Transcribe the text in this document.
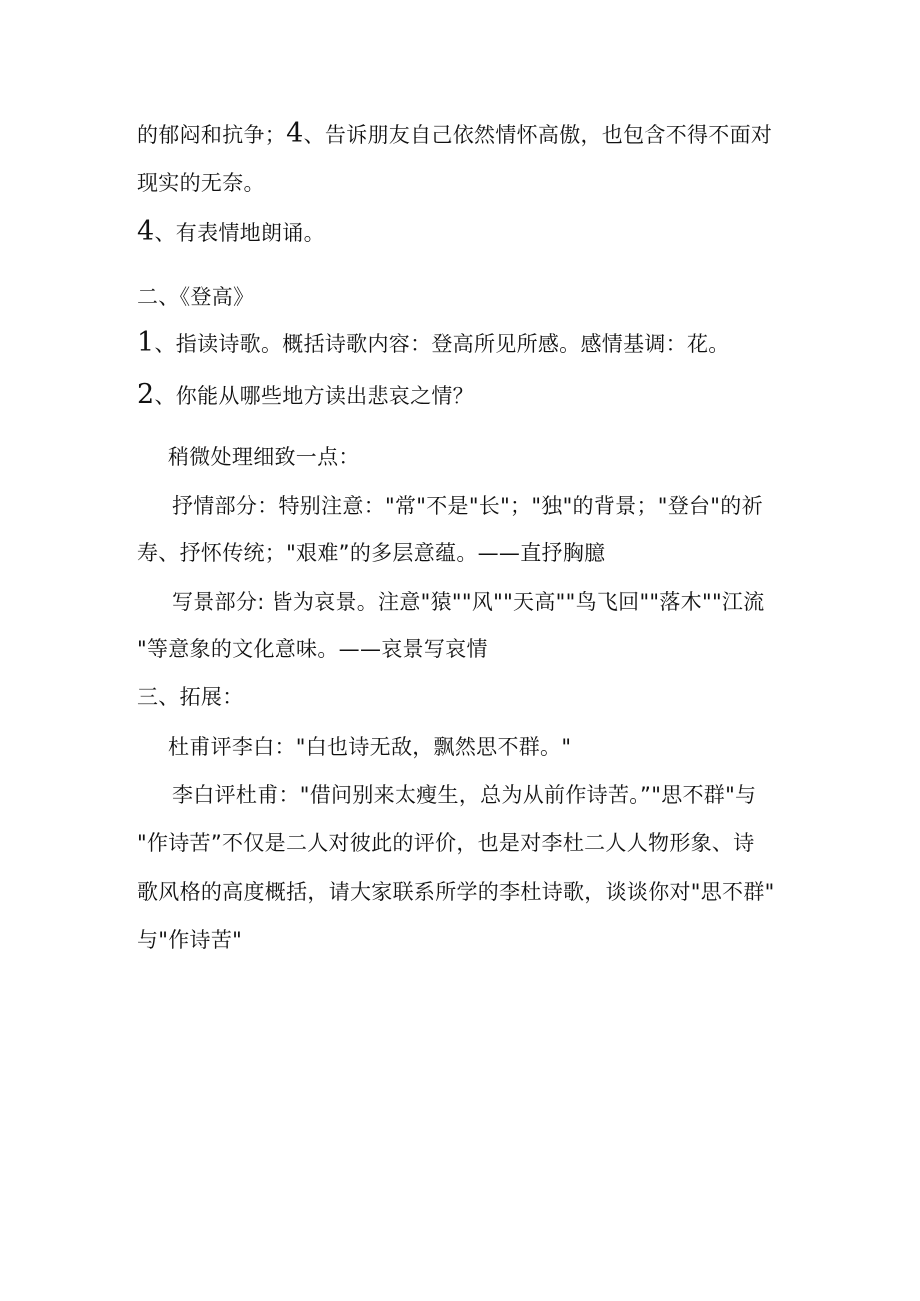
的郁闷和抗争；4、告诉朋友自己依然情怀高傲，也包含不得不面对
现实的无奈。
4、有表情地朗诵。
二、《登高》
1、指读诗歌。概括诗歌内容：登高所见所感。感情基调：花。
2、你能从哪些地方读出悲哀之情？
稍微处理细致一点：
抒情部分：特别注意："常"不是"长"；"独"的背景；"登台"的祈
寿、抒怀传统；"艰难”的多层意蕴。——直抒胸臆
写景部分: 皆为哀景。注意"猿""风""天高""鸟飞回""落木""江流
"等意象的文化意味。——哀景写哀情
三、拓展：
杜甫评李白："白也诗无敌，飘然思不群。"
李白评杜甫："借问别来太瘦生，总为从前作诗苦。”"思不群"与
"作诗苦”不仅是二人对彼此的评价，也是对李杜二人人物形象、诗
歌风格的高度概括，请大家联系所学的李杜诗歌，谈谈你对"思不群"
与"作诗苦"
